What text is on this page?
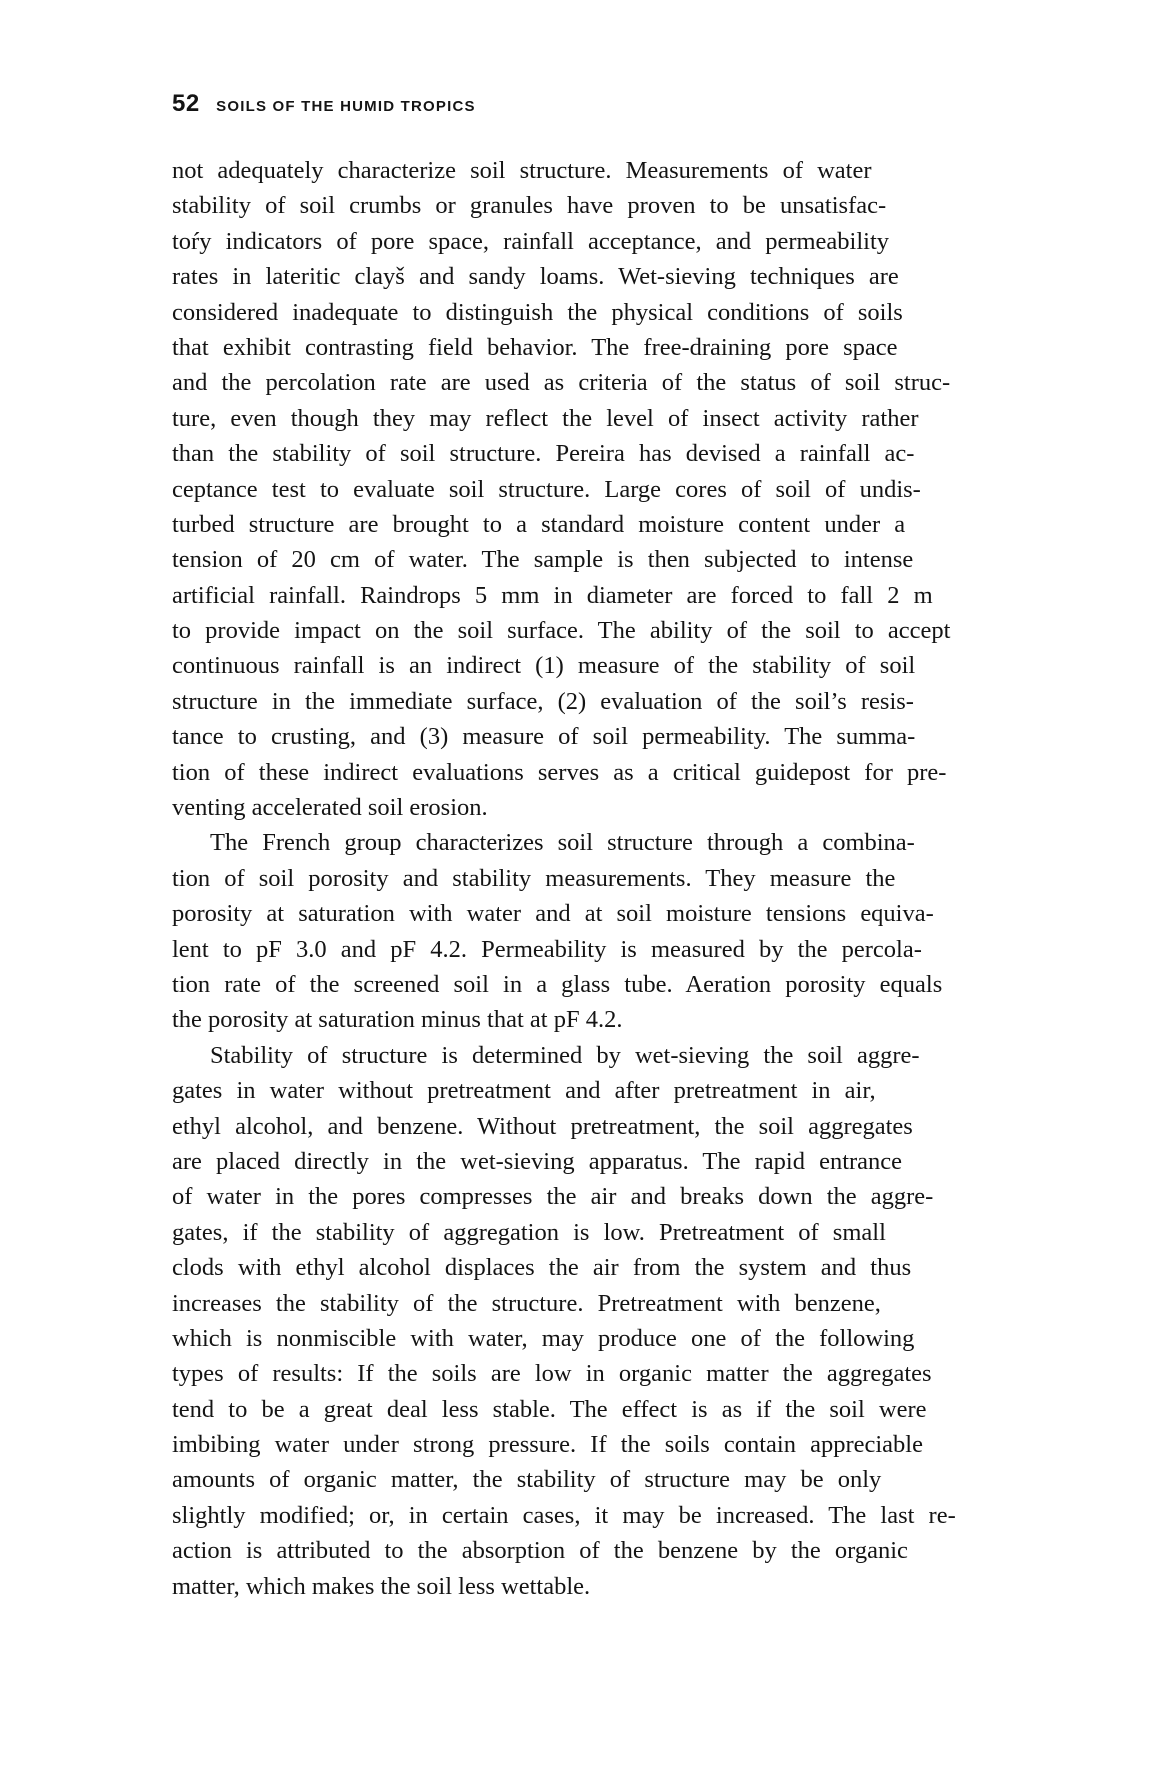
52 SOILS OF THE HUMID TROPICS
not adequately characterize soil structure. Measurements of water
stability of soil crumbs or granules have proven to be unsatisfac-
toŕy indicators of pore space, rainfall acceptance, and permeability
rates in lateritic clayš and sandy loams. Wet-sieving techniques are
considered inadequate to distinguish the physical conditions of soils
that exhibit contrasting field behavior. The free-draining pore space
and the percolation rate are used as criteria of the status of soil struc-
ture, even though they may reflect the level of insect activity rather
than the stability of soil structure. Pereira has devised a rainfall ac-
ceptance test to evaluate soil structure. Large cores of soil of undis-
turbed structure are brought to a standard moisture content under a
tension of 20 cm of water. The sample is then subjected to intense
artificial rainfall. Raindrops 5 mm in diameter are forced to fall 2 m
to provide impact on the soil surface. The ability of the soil to accept
continuous rainfall is an indirect (1) measure of the stability of soil
structure in the immediate surface, (2) evaluation of the soil’s resis-
tance to crusting, and (3) measure of soil permeability. The summa-
tion of these indirect evaluations serves as a critical guidepost for pre-
venting accelerated soil erosion.
The French group characterizes soil structure through a combina-
tion of soil porosity and stability measurements. They measure the
porosity at saturation with water and at soil moisture tensions equiva-
lent to pF 3.0 and pF 4.2. Permeability is measured by the percola-
tion rate of the screened soil in a glass tube. Aeration porosity equals
the porosity at saturation minus that at pF 4.2.
Stability of structure is determined by wet-sieving the soil aggre-
gates in water without pretreatment and after pretreatment in air,
ethyl alcohol, and benzene. Without pretreatment, the soil aggregates
are placed directly in the wet-sieving apparatus. The rapid entrance
of water in the pores compresses the air and breaks down the aggre-
gates, if the stability of aggregation is low. Pretreatment of small
clods with ethyl alcohol displaces the air from the system and thus
increases the stability of the structure. Pretreatment with benzene,
which is nonmiscible with water, may produce one of the following
types of results: If the soils are low in organic matter the aggregates
tend to be a great deal less stable. The effect is as if the soil were
imbibing water under strong pressure. If the soils contain appreciable
amounts of organic matter, the stability of structure may be only
slightly modified; or, in certain cases, it may be increased. The last re-
action is attributed to the absorption of the benzene by the organic
matter, which makes the soil less wettable.
